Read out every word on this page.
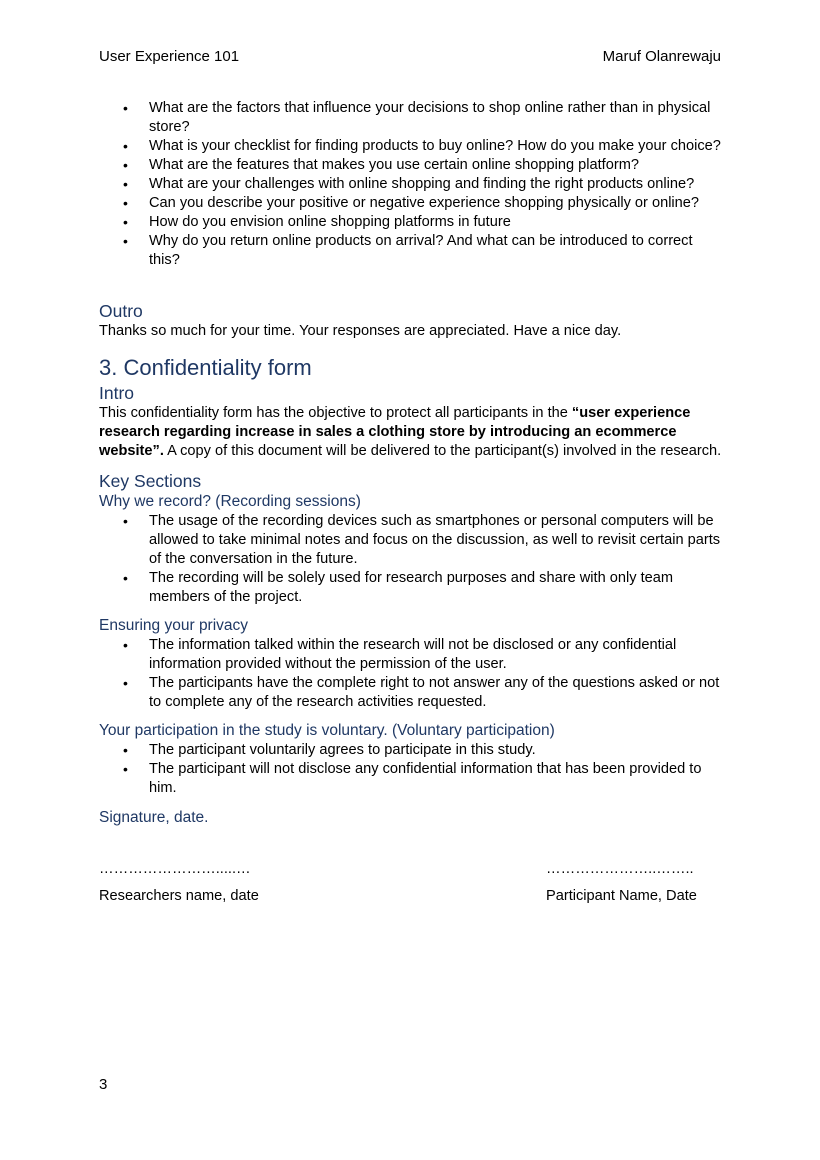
User Experience 101	Maruf Olanrewaju
• What are the factors that influence your decisions to shop online rather than in physical store?
• What is your checklist for finding products to buy online? How do you make your choice?
• What are the features that makes you use certain online shopping platform?
• What are your challenges with online shopping and finding the right products online?
• Can you describe your positive or negative experience shopping physically or online?
• How do you envision online shopping platforms in future
• Why do you return online products on arrival? And what can be introduced to correct this?
Outro

Thanks so much for your time. Your responses are appreciated. Have a nice day.

3. Confidentiality form
Intro

This confidentiality form has the objective to protect all participants in the “user experience research regarding increase in sales a clothing store by introducing an ecommerce website”. A copy of this document will be delivered to the participant(s) involved in the research.

Key Sections
Why we record? (Recording sessions)
• The usage of the recording devices such as smartphones or personal computers will be allowed to take minimal notes and focus on the discussion, as well to revisit certain parts of the conversation in the future.
• The recording will be solely used for research purposes and share with only team members of the project.
Ensuring your privacy
• The information talked within the research will not be disclosed or any confidential information provided without the permission of the user.
• The participants have the complete right to not answer any of the questions asked or not to complete any of the research activities requested.
Your participation in the study is voluntary. (Voluntary participation)
• The participant voluntarily agrees to participate in this study.
• The participant will not disclose any confidential information that has been provided to him.
Signature, date.
…………………….....…	…………………..……..
Researchers name, date	Participant Name, Date
3
